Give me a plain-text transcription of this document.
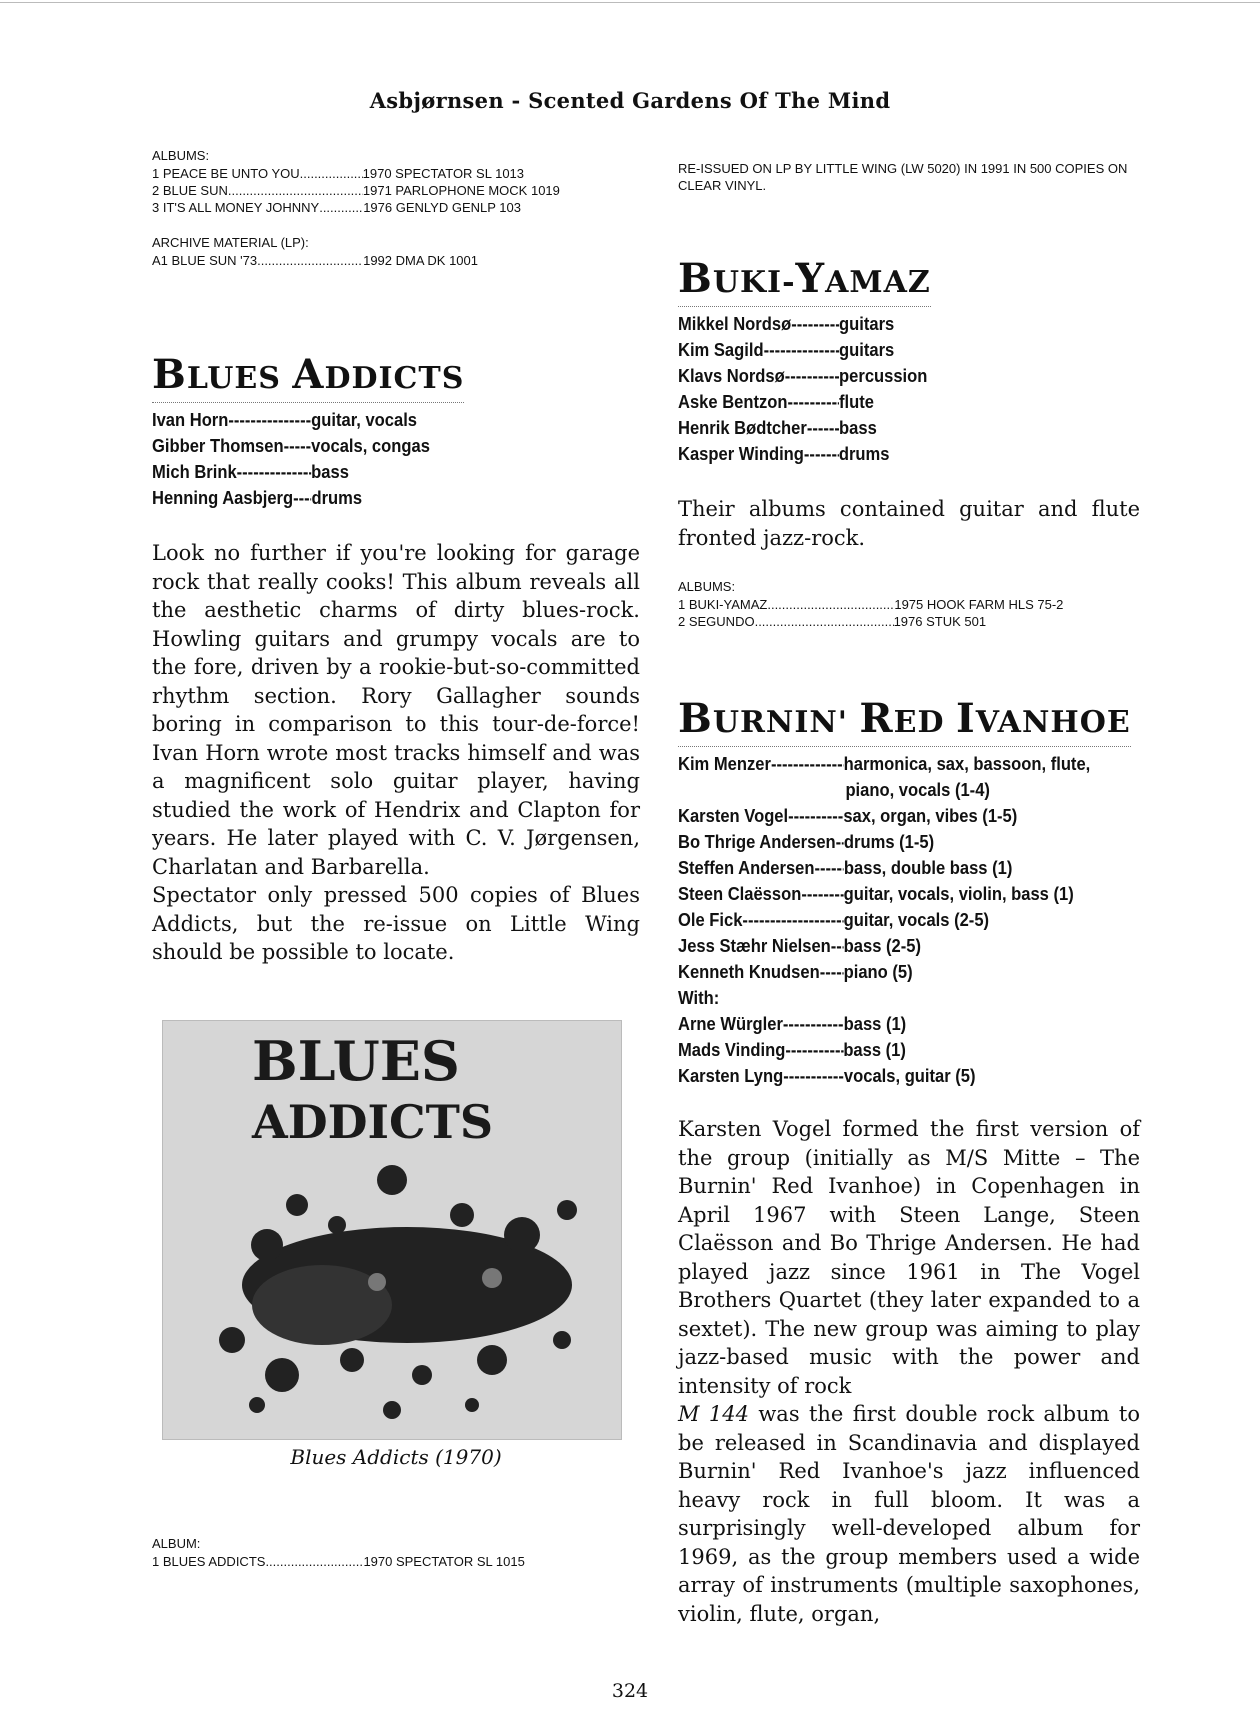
Asbjørnsen - Scented Gardens Of The Mind
ALBUMS:
1 PEACE BE UNTO YOU .....	1970 SPECTATOR SL 1013
2 BLUE SUN .....	1971 PARLOPHONE MOCK 1019
3 IT'S ALL MONEY JOHNNY .....	1976 GENLYD GENLP 103
ARCHIVE MATERIAL (LP):
A1 BLUE SUN '73 .....	1992 DMA DK 1001
BLUES ADDICTS
Ivan Horn -----	guitar, vocals
Gibber Thomsen ----- vocals, congas
Mich Brink -----	bass
Henning Aasbjerg ----- drums

Look no further if you're looking for garage rock that really cooks! This album reveals all the aesthetic charms of dirty blues-rock. Howling guitars and grumpy vocals are to the fore, driven by a rookie-but-so-committed rhythm section. Rory Gallagher sounds boring in comparison to this tour-de-force! Ivan Horn wrote most tracks himself and was a magnificent solo guitar player, having studied the work of Hendrix and Clapton for years. He later played with C. V. Jørgensen, Charlatan and Barbarella.

Spectator only pressed 500 copies of Blues Addicts, but the re-issue on Little Wing should be possible to locate.

BLUES
ADDICTS
Blues Addicts (1970)
ALBUM:
1 BLUES ADDICTS .....	1970 SPECTATOR SL 1015
RE-ISSUED ON LP BY LITTLE WING (LW 5020) IN 1991 IN 500 COPIES ON CLEAR VINYL.
BUKI-YAMAZ
Mikkel Nordsø -----	guitars
Kim Sagild -----	guitars
Klavs Nordsø -----	percussion
Aske Bentzon -----	flute
Henrik Bødtcher ----- bass
Kasper Winding ----- drums
Their albums contained guitar and flute fronted jazz-rock.
ALBUMS:
1 BUKI-YAMAZ .....	1975 HOOK FARM HLS 75-2
2 SEGUNDO .....	1976 STUK 501
BURNIN' RED IVANHOE
Kim Menzer -----	harmonica, sax, bassoon, flute,
piano, vocals (1-4)
Karsten Vogel -----	sax, organ, vibes (1-5)
Bo Thrige Andersen ----- drums (1-5)
Steffen Andersen ----- bass, double bass (1)
Steen Claësson ----- guitar, vocals, violin, bass (1)
Ole Fick -----	guitar, vocals (2-5)
Jess Stæhr Nielsen ----- bass (2-5)
Kenneth Knudsen ----- piano (5)
With:
Arne Würgler -----	bass (1)
Mads Vinding -----	bass (1)
Karsten Lyng -----	vocals, guitar (5)

Karsten Vogel formed the first version of the group (initially as M/S Mitte – The Burnin' Red Ivanhoe) in Copenhagen in April 1967 with Steen Lange, Steen Claësson and Bo Thrige Andersen. He had played jazz since 1961 in The Vogel Brothers Quartet (they later expanded to a sextet). The new group was aiming to play jazz-based music with the power and intensity of rock

M 144 was the first double rock album to be released in Scandinavia and displayed Burnin' Red Ivanhoe's jazz influenced heavy rock in full bloom. It was a surprisingly well-developed album for 1969, as the group members used a wide array of instruments (multiple saxophones, violin, flute, organ,

324
